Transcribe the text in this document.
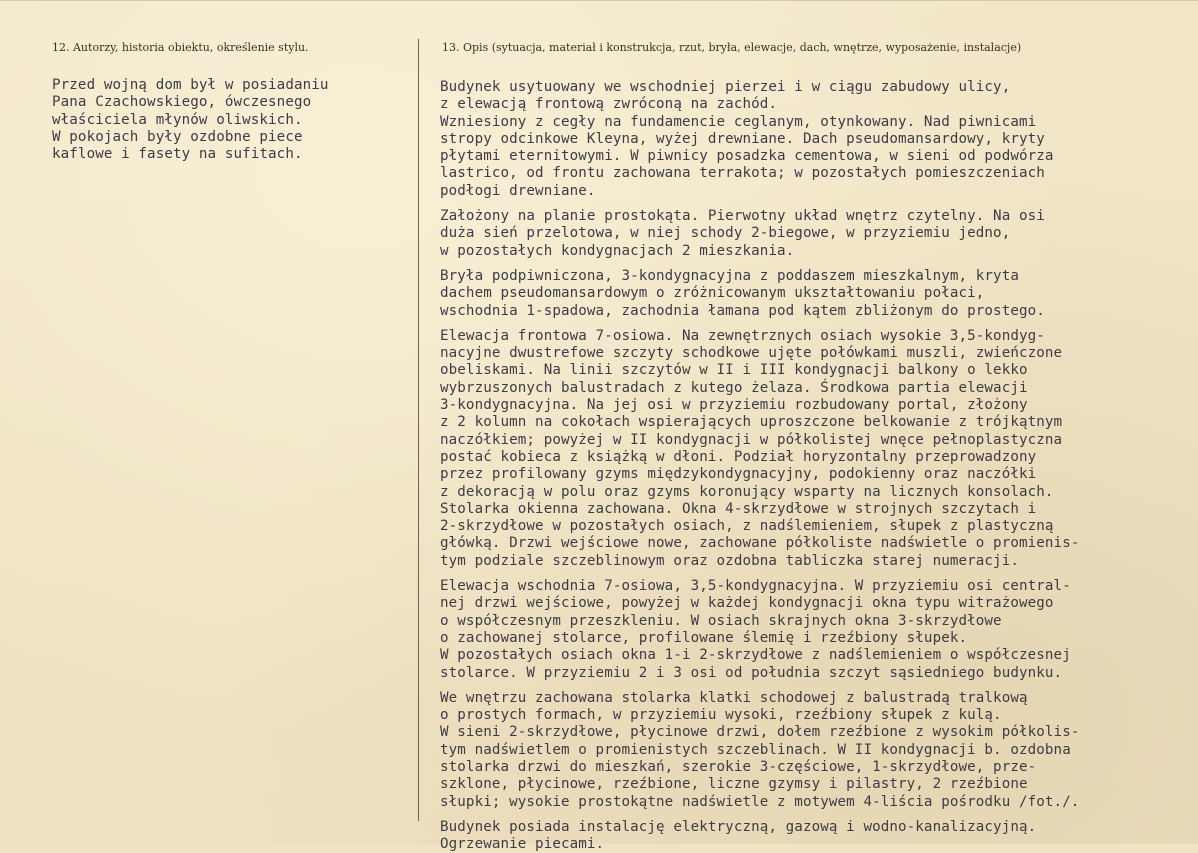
12. Autorzy, historia obiektu, określenie stylu.	13. Opis (sytuacja, materiał i konstrukcja, rzut, bryła, elewacje, dach, wnętrze, wyposażenie, instalacje)

Przed wojną dom był w posiadaniu

Pana Czachowskiego, ówczesnego

właściciela młynów oliwskich.

W pokojach były ozdobne piece

kaflowe i fasety na sufitach.

Budynek usytuowany we wschodniej pierzei i w ciągu zabudowy ulicy,

z elewacją frontową zwróconą na zachód.

Wzniesiony z cegły na fundamencie ceglanym, otynkowany. Nad piwnicami

stropy odcinkowe Kleyna, wyżej drewniane. Dach pseudomansardowy, kryty

płytami eternitowymi. W piwnicy posadzka cementowa, w sieni od podwórza

lastrico, od frontu zachowana terrakota; w pozostałych pomieszczeniach

podłogi drewniane.

Założony na planie prostokąta. Pierwotny układ wnętrz czytelny. Na osi

duża sień przelotowa, w niej schody 2-biegowe, w przyziemiu jedno,

w pozostałych kondygnacjach 2 mieszkania.

Bryła podpiwniczona, 3-kondygnacyjna z poddaszem mieszkalnym, kryta

dachem pseudomansardowym o zróżnicowanym ukształtowaniu połaci,

wschodnia 1-spadowa, zachodnia łamana pod kątem zbliżonym do prostego.

Elewacja frontowa 7-osiowa. Na zewnętrznych osiach wysokie 3,5-kondyg-

nacyjne dwustrefowe szczyty schodkowe ujęte połówkami muszli, zwieńczone

obeliskami. Na linii szczytów w II i III kondygnacji balkony o lekko

wybrzuszonych balustradach z kutego żelaza. Środkowa partia elewacji

3-kondygnacyjna. Na jej osi w przyziemiu rozbudowany portal, złożony

z 2 kolumn na cokołach wspierających uproszczone belkowanie z trójkątnym

naczółkiem; powyżej w II kondygnacji w półkolistej wnęce pełnoplastyczna

postać kobieca z książką w dłoni. Podział horyzontalny przeprowadzony

przez profilowany gzyms międzykondygnacyjny, podokienny oraz naczółki

z dekoracją w polu oraz gzyms koronujący wsparty na licznych konsolach.

Stolarka okienna zachowana. Okna 4-skrzydłowe w strojnych szczytach i

2-skrzydłowe w pozostałych osiach, z nadślemieniem, słupek z plastyczną

główką. Drzwi wejściowe nowe, zachowane półkoliste nadświetle o promienis-

tym podziale szczeblinowym oraz ozdobna tabliczka starej numeracji.

Elewacja wschodnia 7-osiowa, 3,5-kondygnacyjna. W przyziemiu osi central-

nej drzwi wejściowe, powyżej w każdej kondygnacji okna typu witrażowego

o współczesnym przeszkleniu. W osiach skrajnych okna 3-skrzydłowe

o zachowanej stolarce, profilowane ślemię i rzeźbiony słupek.

W pozostałych osiach okna 1-i 2-skrzydłowe z nadślemieniem o współczesnej

stolarce. W przyziemiu 2 i 3 osi od południa szczyt sąsiedniego budynku.

We wnętrzu zachowana stolarka klatki schodowej z balustradą tralkową

o prostych formach, w przyziemiu wysoki, rzeźbiony słupek z kulą.

W sieni 2-skrzydłowe, płycinowe drzwi, dołem rzeźbione z wysokim półkolis-

tym nadświetlem o promienistych szczeblinach. W II kondygnacji b. ozdobna

stolarka drzwi do mieszkań, szerokie 3-częściowe, 1-skrzydłowe, prze-

szklone, płycinowe, rzeźbione, liczne gzymsy i pilastry, 2 rzeźbione

słupki; wysokie prostokątne nadświetle z motywem 4-liścia pośrodku /fot./.

Budynek posiada instalację elektryczną, gazową i wodno-kanalizacyjną.

Ogrzewanie piecami.
